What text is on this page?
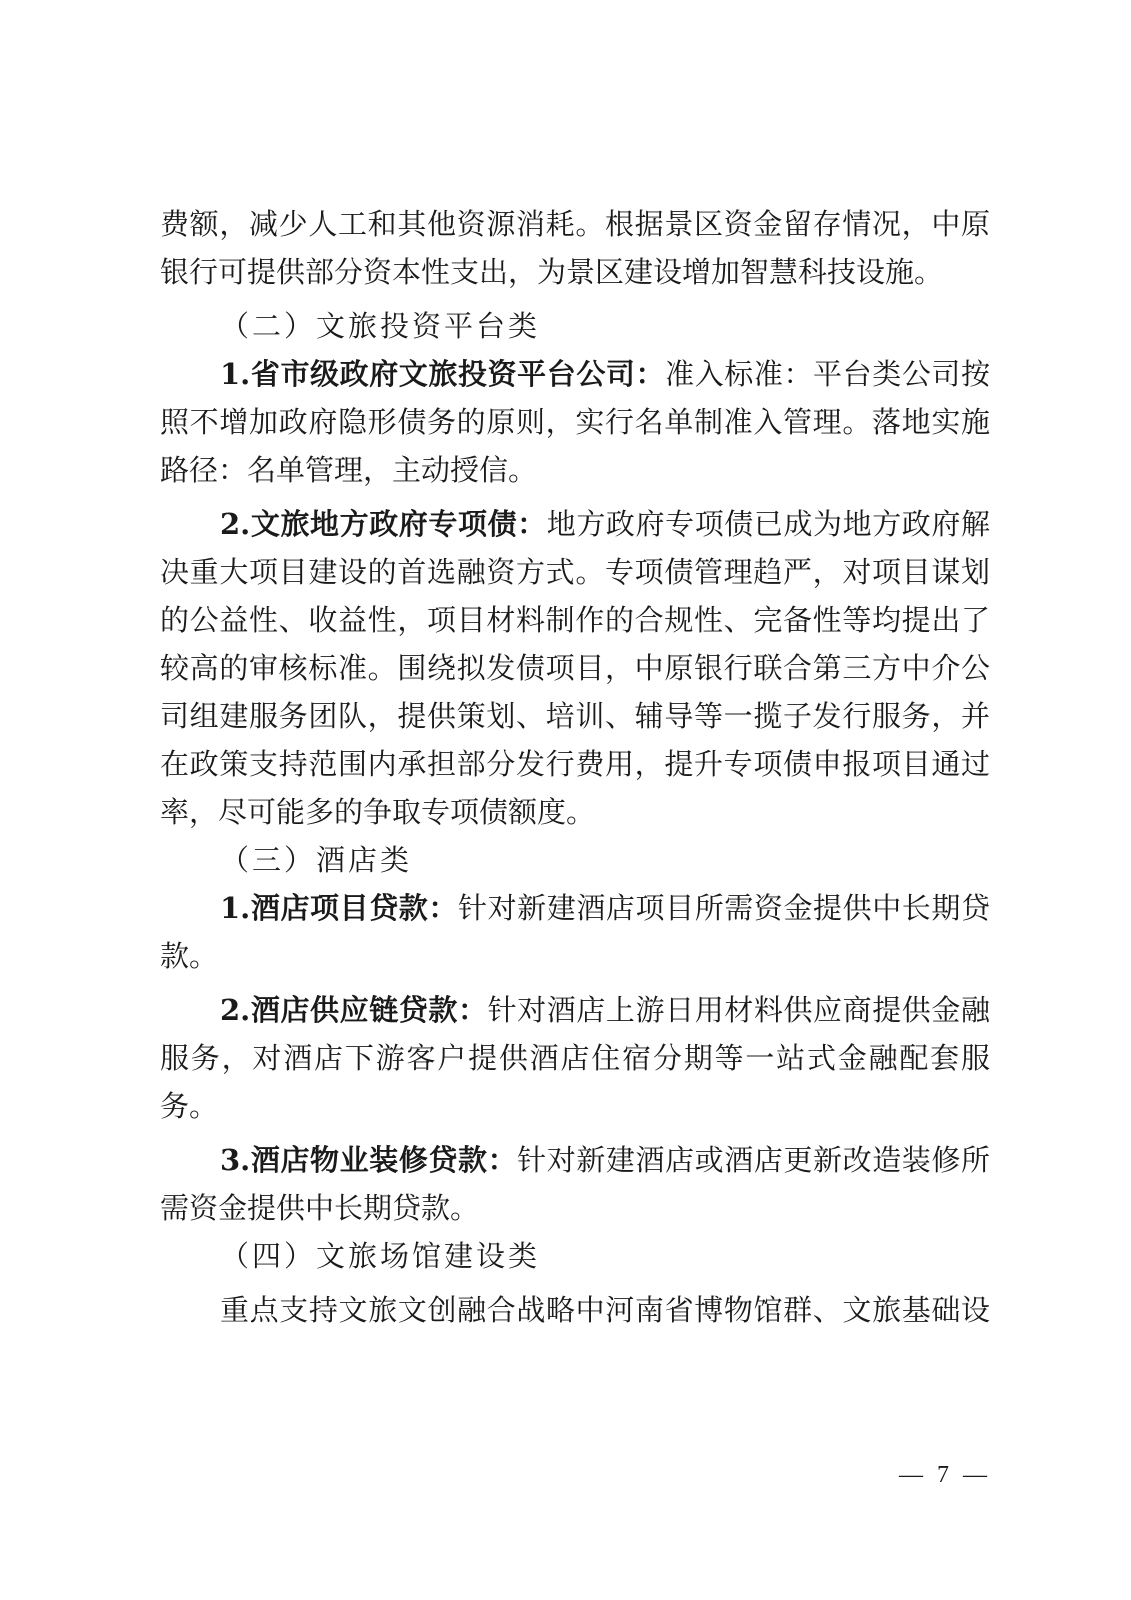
费额，减少人工和其他资源消耗。根据景区资金留存情况，中原
银行可提供部分资本性支出，为景区建设增加智慧科技设施。
（二）文旅投资平台类
1.省市级政府文旅投资平台公司：准入标准：平台类公司按
照不增加政府隐形债务的原则，实行名单制准入管理。落地实施
路径：名单管理，主动授信。
2.文旅地方政府专项债：地方政府专项债已成为地方政府解
决重大项目建设的首选融资方式。专项债管理趋严，对项目谋划
的公益性、收益性，项目材料制作的合规性、完备性等均提出了
较高的审核标准。围绕拟发债项目，中原银行联合第三方中介公
司组建服务团队，提供策划、培训、辅导等一揽子发行服务，并
在政策支持范围内承担部分发行费用，提升专项债申报项目通过
率，尽可能多的争取专项债额度。
（三）酒店类
1.酒店项目贷款：针对新建酒店项目所需资金提供中长期贷
款。
2.酒店供应链贷款：针对酒店上游日用材料供应商提供金融
服务，对酒店下游客户提供酒店住宿分期等一站式金融配套服
务。
3.酒店物业装修贷款：针对新建酒店或酒店更新改造装修所
需资金提供中长期贷款。
（四）文旅场馆建设类
重点支持文旅文创融合战略中河南省博物馆群、文旅基础设
— 7 —
